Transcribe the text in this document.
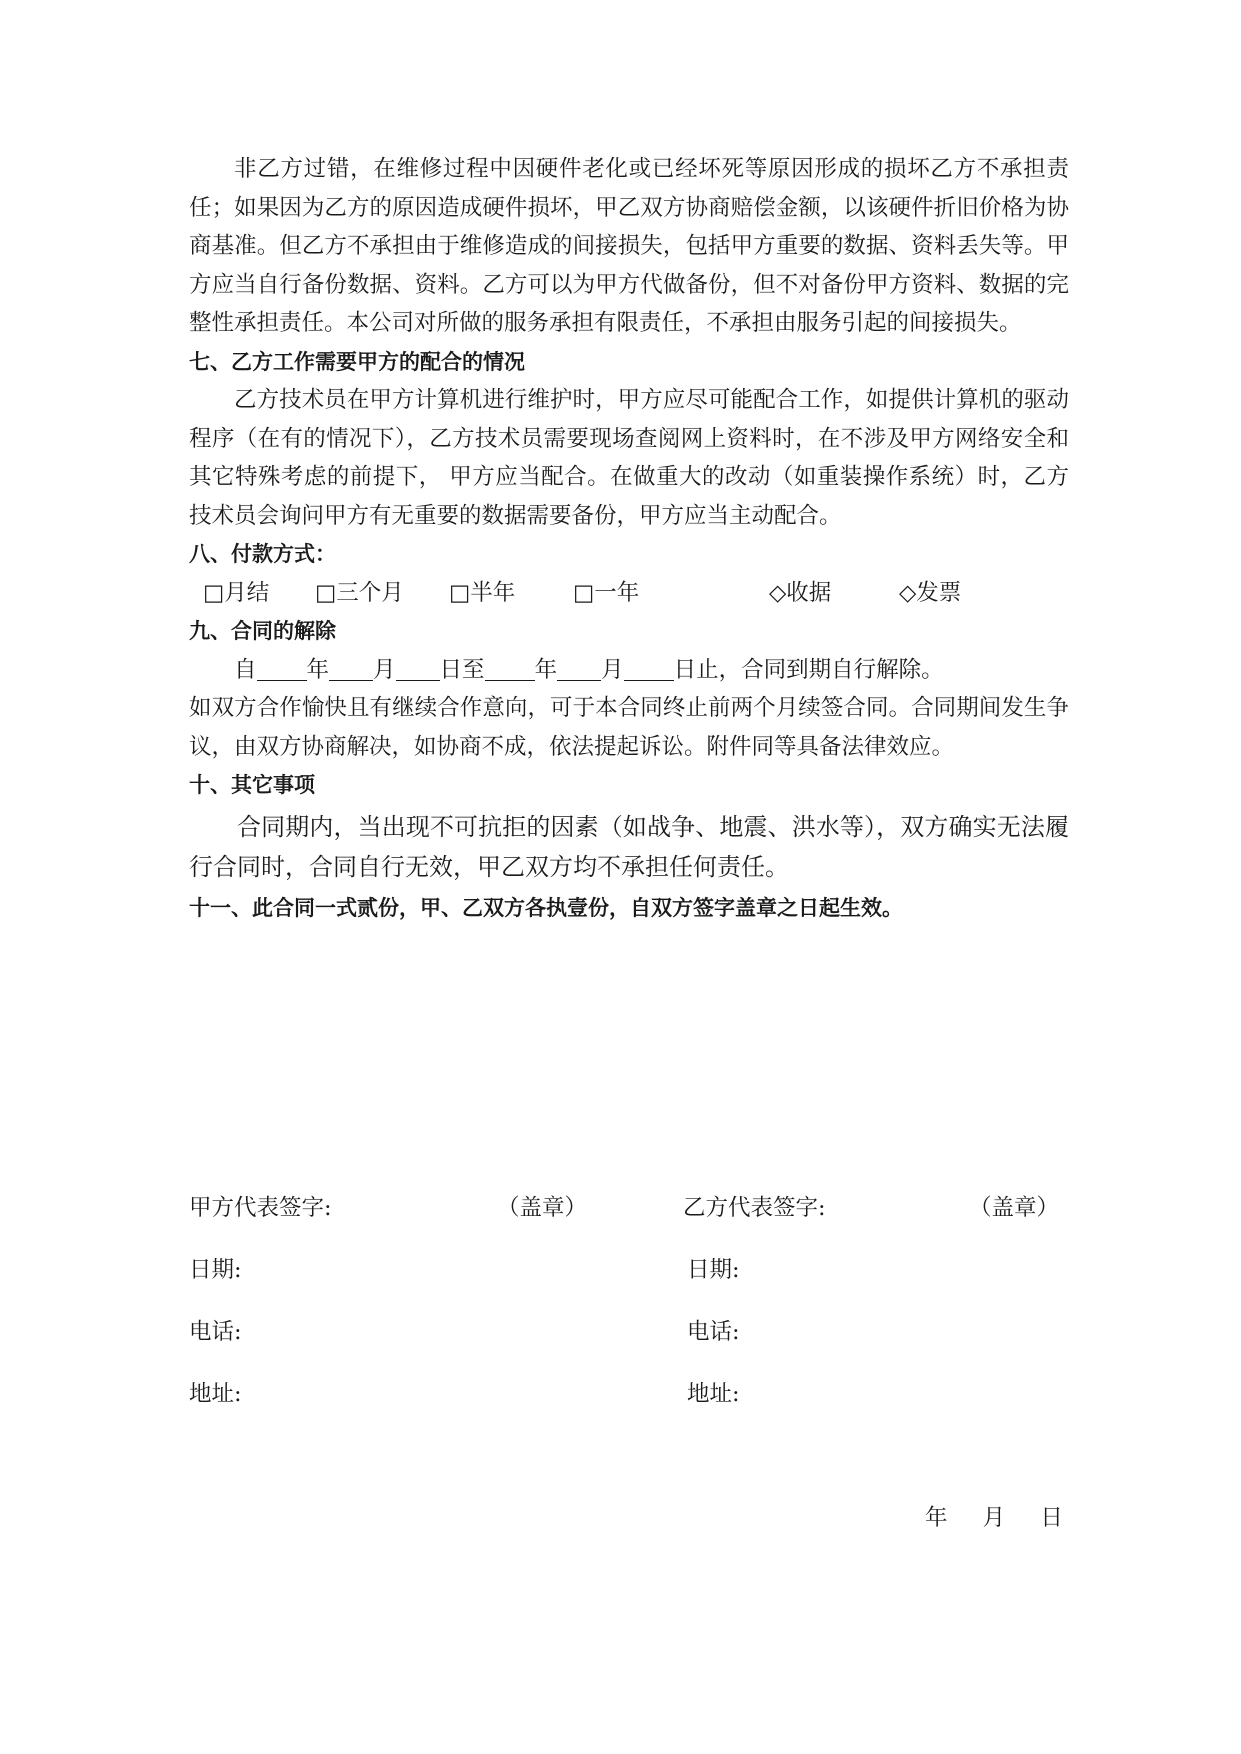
非乙方过错，在维修过程中因硬件老化或已经坏死等原因形成的损坏乙方不承担责任；如果因为乙方的原因造成硬件损坏，甲乙双方协商赔偿金额，以该硬件折旧价格为协商基准。但乙方不承担由于维修造成的间接损失，包括甲方重要的数据、资料丢失等。甲方应当自行备份数据、资料。乙方可以为甲方代做备份，但不对备份甲方资料、数据的完整性承担责任。本公司对所做的服务承担有限责任，不承担由服务引起的间接损失。

七、乙方工作需要甲方的配合的情况

乙方技术员在甲方计算机进行维护时，甲方应尽可能配合工作，如提供计算机的驱动程序（在有的情况下），乙方技术员需要现场查阅网上资料时，在不涉及甲方网络安全和其它特殊考虑的前提下， 甲方应当配合。在做重大的改动（如重装操作系统）时，乙方技术员会询问甲方有无重要的数据需要备份，甲方应当主动配合。

八、付款方式：

□月结 □三个月 □半年	□一年	◇收据	◇发票

九、合同的解除

自 年 月 日至 年 月 日止，合同到期自行解除。

如双方合作愉快且有继续合作意向，可于本合同终止前两个月续签合同。合同期间发生争议，由双方协商解决，如协商不成，依法提起诉讼。附件同等具备法律效应。

十、其它事项

合同期内，当出现不可抗拒的因素（如战争、地震、洪水等），双方确实无法履行合同时，合同自行无效，甲乙双方均不承担任何责任。

十一、此合同一式贰份，甲、乙双方各执壹份，自双方签字盖章之日起生效。

甲方代表签字:	（盖章）	乙方代表签字:	（盖章）
日期:	日期:
电话:	电话:
地址:	地址:
年 月 日
